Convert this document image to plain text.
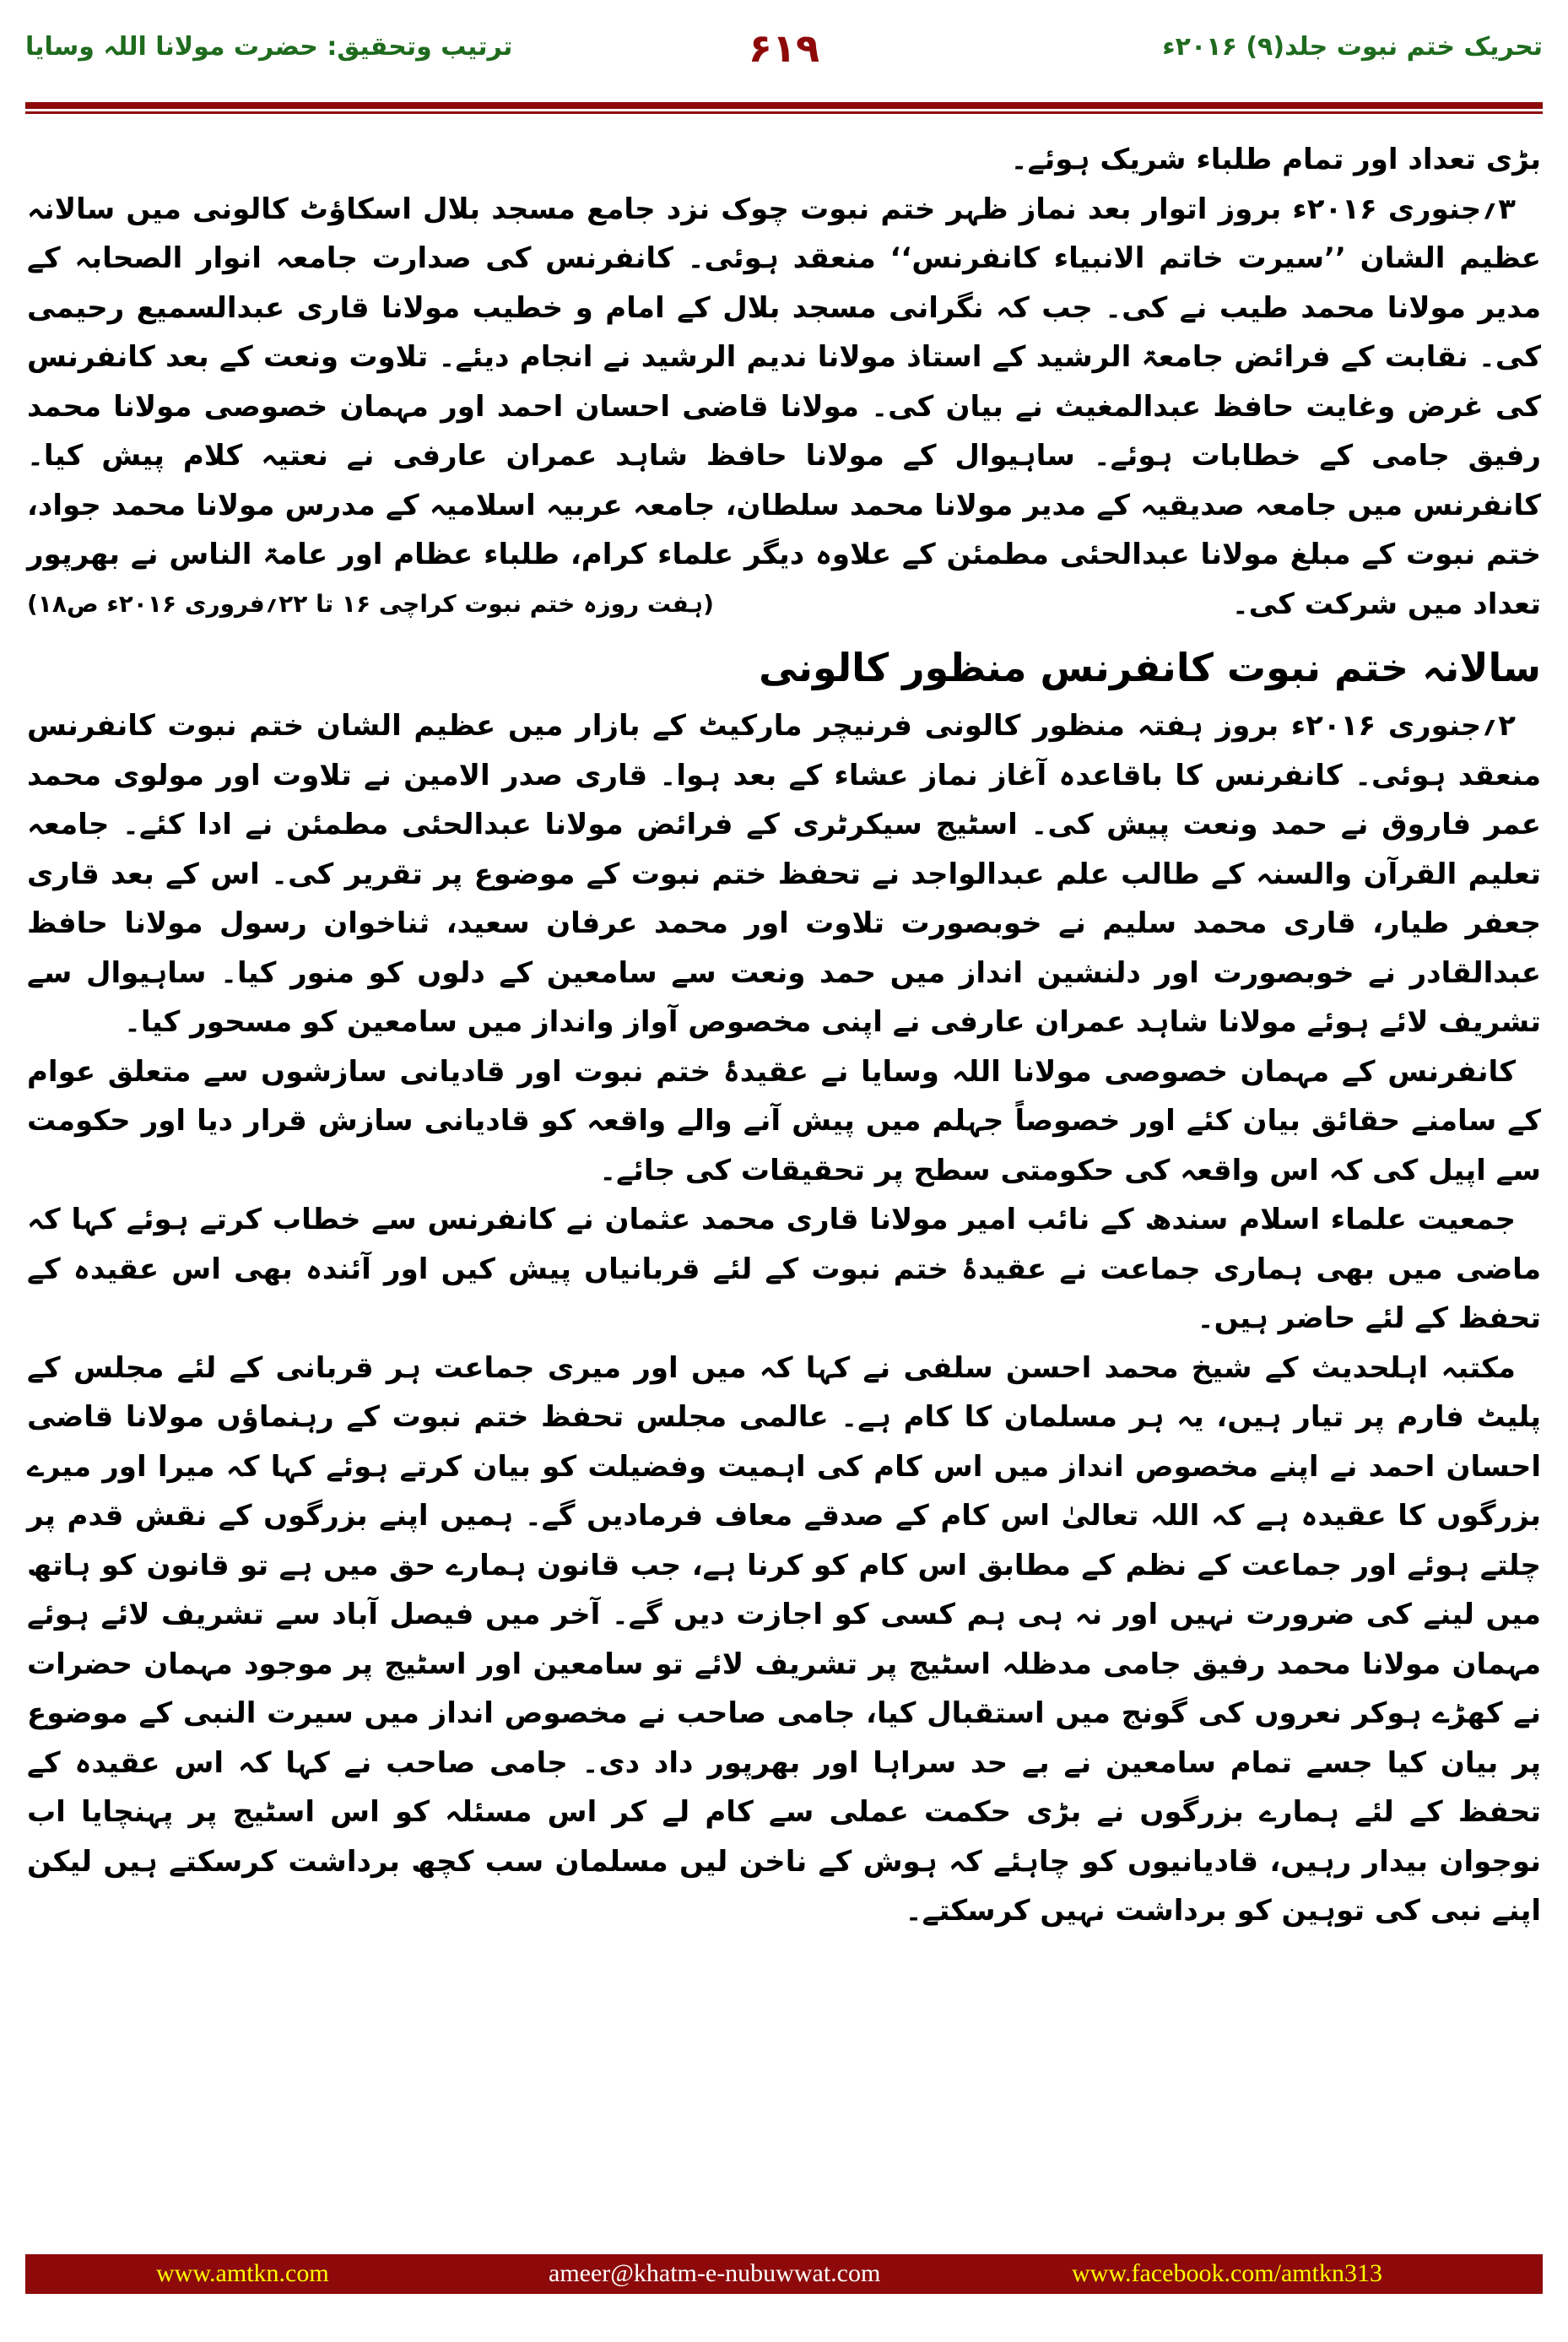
تحریک ختم نبوت جلد(۹) ۲۰۱۶ء
۶۱۹
ترتیب وتحقیق: حضرت مولانا اللہ وسایا

بڑی تعداد اور تمام طلباء شریک ہوئے۔

۳؍جنوری ۲۰۱۶ء بروز اتوار بعد نماز ظہر ختم نبوت چوک نزد جامع مسجد بلال اسکاؤٹ کالونی میں سالانہ عظیم الشان ’’سیرت خاتم الانبیاء کانفرنس‘‘ منعقد ہوئی۔ کانفرنس کی صدارت جامعہ انوار الصحابہ کے مدیر مولانا محمد طیب نے کی۔ جب کہ نگرانی مسجد بلال کے امام و خطیب مولانا قاری عبدالسمیع رحیمی کی۔ نقابت کے فرائض جامعۃ الرشید کے استاذ مولانا ندیم الرشید نے انجام دیئے۔ تلاوت ونعت کے بعد کانفرنس کی غرض وغایت حافظ عبدالمغیث نے بیان کی۔ مولانا قاضی احسان احمد اور مہمان خصوصی مولانا محمد رفیق جامی کے خطابات ہوئے۔ ساہیوال کے مولانا حافظ شاہد عمران عارفی نے نعتیہ کلام پیش کیا۔ کانفرنس میں جامعہ صدیقیہ کے مدیر مولانا محمد سلطان، جامعہ عربیہ اسلامیہ کے مدرس مولانا محمد جواد، ختم نبوت کے مبلغ مولانا عبدالحئی مطمئن کے علاوہ دیگر علماء کرام، طلباء عظام اور عامۃ الناس نے بھرپور تعداد میں شرکت کی۔
(ہفت روزہ ختم نبوت کراچی ۱۶ تا ۲۲؍فروری ۲۰۱۶ء ص۱۸)

سالانہ ختم نبوت کانفرنس منظور کالونی

۲؍جنوری ۲۰۱۶ء بروز ہفتہ منظور کالونی فرنیچر مارکیٹ کے بازار میں عظیم الشان ختم نبوت کانفرنس منعقد ہوئی۔ کانفرنس کا باقاعدہ آغاز نماز عشاء کے بعد ہوا۔ قاری صدر الامین نے تلاوت اور مولوی محمد عمر فاروق نے حمد ونعت پیش کی۔ اسٹیج سیکرٹری کے فرائض مولانا عبدالحئی مطمئن نے ادا کئے۔ جامعہ تعلیم القرآن والسنہ کے طالب علم عبدالواجد نے تحفظ ختم نبوت کے موضوع پر تقریر کی۔ اس کے بعد قاری جعفر طیار، قاری محمد سلیم نے خوبصورت تلاوت اور محمد عرفان سعید، ثناخوان رسول مولانا حافظ عبدالقادر نے خوبصورت اور دلنشین انداز میں حمد ونعت سے سامعین کے دلوں کو منور کیا۔ ساہیوال سے تشریف لائے ہوئے مولانا شاہد عمران عارفی نے اپنی مخصوص آواز وانداز میں سامعین کو مسحور کیا۔

کانفرنس کے مہمان خصوصی مولانا اللہ وسایا نے عقیدۂ ختم نبوت اور قادیانی سازشوں سے متعلق عوام کے سامنے حقائق بیان کئے اور خصوصاً جہلم میں پیش آنے والے واقعہ کو قادیانی سازش قرار دیا اور حکومت سے اپیل کی کہ اس واقعہ کی حکومتی سطح پر تحقیقات کی جائے۔

جمعیت علماء اسلام سندھ کے نائب امیر مولانا قاری محمد عثمان نے کانفرنس سے خطاب کرتے ہوئے کہا کہ ماضی میں بھی ہماری جماعت نے عقیدۂ ختم نبوت کے لئے قربانیاں پیش کیں اور آئندہ بھی اس عقیدہ کے تحفظ کے لئے حاضر ہیں۔

مکتبہ اہلحدیث کے شیخ محمد احسن سلفی نے کہا کہ میں اور میری جماعت ہر قربانی کے لئے مجلس کے پلیٹ فارم پر تیار ہیں، یہ ہر مسلمان کا کام ہے۔ عالمی مجلس تحفظ ختم نبوت کے رہنماؤں مولانا قاضی احسان احمد نے اپنے مخصوص انداز میں اس کام کی اہمیت وفضیلت کو بیان کرتے ہوئے کہا کہ میرا اور میرے بزرگوں کا عقیدہ ہے کہ اللہ تعالیٰ اس کام کے صدقے معاف فرمادیں گے۔ ہمیں اپنے بزرگوں کے نقش قدم پر چلتے ہوئے اور جماعت کے نظم کے مطابق اس کام کو کرنا ہے، جب قانون ہمارے حق میں ہے تو قانون کو ہاتھ میں لینے کی ضرورت نہیں اور نہ ہی ہم کسی کو اجازت دیں گے۔ آخر میں فیصل آباد سے تشریف لائے ہوئے مہمان مولانا محمد رفیق جامی مدظلہ اسٹیج پر تشریف لائے تو سامعین اور اسٹیج پر موجود مہمان حضرات نے کھڑے ہوکر نعروں کی گونج میں استقبال کیا، جامی صاحب نے مخصوص انداز میں سیرت النبی کے موضوع پر بیان کیا جسے تمام سامعین نے بے حد سراہا اور بھرپور داد دی۔ جامی صاحب نے کہا کہ اس عقیدہ کے تحفظ کے لئے ہمارے بزرگوں نے بڑی حکمت عملی سے کام لے کر اس مسئلہ کو اس اسٹیج پر پہنچایا اب نوجوان بیدار رہیں، قادیانیوں کو چاہئے کہ ہوش کے ناخن لیں مسلمان سب کچھ برداشت کرسکتے ہیں لیکن اپنے نبی کی توہین کو برداشت نہیں کرسکتے۔

www.amtkn.com	ameer@khatm-e-nubuwwat.com	www.facebook.com/amtkn313
